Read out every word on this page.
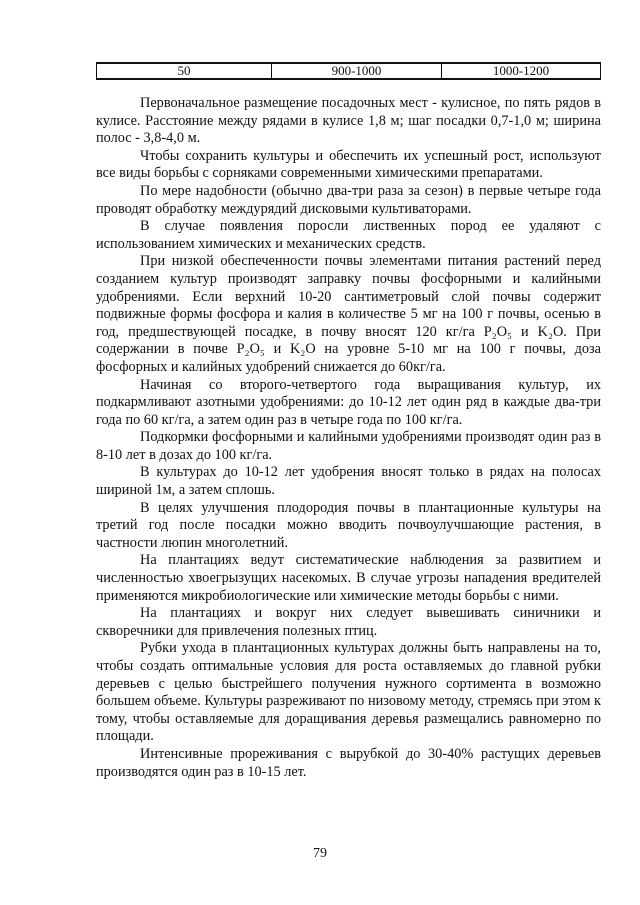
50	900-1000	1000-1200

Первоначальное размещение посадочных мест - кулисное, по пять рядов в кулисе. Расстояние между рядами в кулисе 1,8 м; шаг посадки 0,7-1,0 м; ширина полос - 3,8-4,0 м.

Чтобы сохранить культуры и обеспечить их успешный рост, используют все виды борьбы с сорняками современными химическими препаратами.

По мере надобности (обычно два-три раза за сезон) в первые четыре года проводят обработку междурядий дисковыми культиваторами.

В случае появления поросли лиственных пород ее удаляют с использованием химических и механических средств.

При низкой обеспеченности почвы элементами питания растений перед созданием культур производят заправку почвы фосфорными и калийными удобрениями. Если верхний 10-20 сантиметровый слой почвы содержит подвижные формы фосфора и калия в количестве 5 мг на 100 г почвы, осенью в год, предшествующей посадке, в почву вносят 120 кг/га P₂O₅ и K₂O. При содержании в почве P₂O₅ и K₂O на уровне 5-10 мг на 100 г почвы, доза фосфорных и калийных удобрений снижается до 60кг/га.

Начиная со второго-четвертого года выращивания культур, их подкармливают азотными удобрениями: до 10-12 лет один ряд в каждые два-три года по 60 кг/га, а затем один раз в четыре года по 100 кг/га.

Подкормки фосфорными и калийными удобрениями производят один раз в 8-10 лет в дозах до 100 кг/га.

В культурах до 10-12 лет удобрения вносят только в рядах на полосах шириной 1м, а затем сплошь.

В целях улучшения плодородия почвы в плантационные культуры на третий год после посадки можно вводить почвоулучшающие растения, в частности люпин многолетний.

На плантациях ведут систематические наблюдения за развитием и численностью хвоегрызущих насекомых. В случае угрозы нападения вредителей применяются микробиологические или химические методы борьбы с ними.

На плантациях и вокруг них следует вывешивать синичники и скворечники для привлечения полезных птиц.

Рубки ухода в плантационных культурах должны быть направлены на то, чтобы создать оптимальные условия для роста оставляемых до главной рубки деревьев с целью быстрейшего получения нужного сортимента в возможно большем объеме. Культуры разреживают по низовому методу, стремясь при этом к тому, чтобы оставляемые для доращивания деревья размещались равномерно по площади.

Интенсивные прореживания с вырубкой до 30-40% растущих деревьев производятся один раз в 10-15 лет.

79
